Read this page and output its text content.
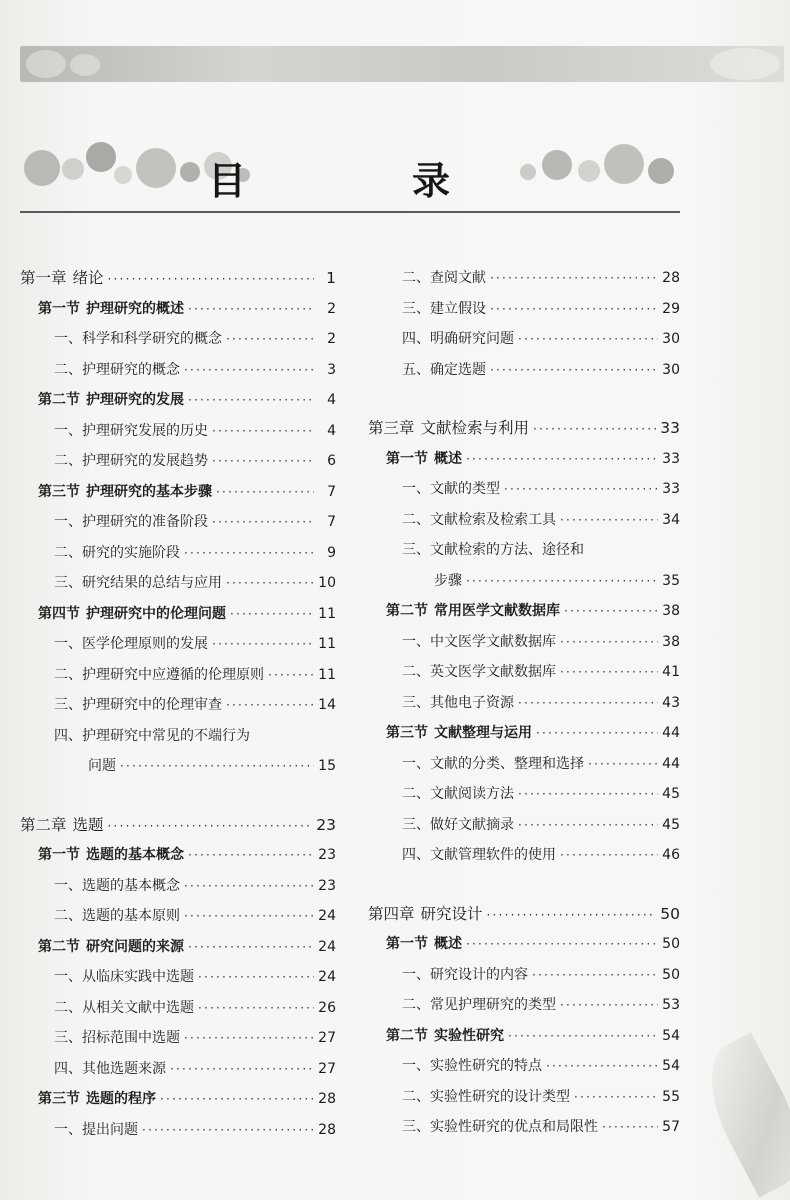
目　录
第一章 绪论 ·····	1
第一节 护理研究的概述 ·····	2
一、科学和科学研究的概念 ·····	2
二、护理研究的概念 ·····	3
第二节 护理研究的发展 ·····	4
一、护理研究发展的历史 ·····	4
二、护理研究的发展趋势 ·····	6
第三节 护理研究的基本步骤 ·····	7
一、护理研究的准备阶段 ·····	7
二、研究的实施阶段 ·····	9
三、研究结果的总结与应用 ·····	10
第四节 护理研究中的伦理问题 ·····	11
一、医学伦理原则的发展 ·····	11
二、护理研究中应遵循的伦理原则 ·····	11
三、护理研究中的伦理审查 ·····	14
四、护理研究中常见的不端行为
问题 ·····	15
第二章 选题 ·····	23
第一节 选题的基本概念 ·····	23
一、选题的基本概念 ·····	23
二、选题的基本原则 ·····	24
第二节 研究问题的来源 ·····	24
一、从临床实践中选题 ·····	24
二、从相关文献中选题 ·····	26
三、招标范围中选题 ·····	27
四、其他选题来源 ·····	27
第三节 选题的程序 ·····	28
一、提出问题 ·····	28
二、查阅文献 ·····	28
三、建立假设 ·····	29
四、明确研究问题 ·····	30
五、确定选题 ·····	30
第三章 文献检索与利用 ·····	33
第一节 概述 ·····	33
一、文献的类型 ·····	33
二、文献检索及检索工具 ·····	34
三、文献检索的方法、途径和
步骤 ·····	35
第二节 常用医学文献数据库 ·····	38
一、中文医学文献数据库 ·····	38
二、英文医学文献数据库 ·····	41
三、其他电子资源 ·····	43
第三节 文献整理与运用 ·····	44
一、文献的分类、整理和选择 ·····	44
二、文献阅读方法 ·····	45
三、做好文献摘录 ·····	45
四、文献管理软件的使用 ·····	46
第四章 研究设计 ·····	50
第一节 概述 ·····	50
一、研究设计的内容 ·····	50
二、常见护理研究的类型 ·····	53
第二节 实验性研究 ·····	54
一、实验性研究的特点 ·····	54
二、实验性研究的设计类型 ·····	55
三、实验性研究的优点和局限性 ·····	57
